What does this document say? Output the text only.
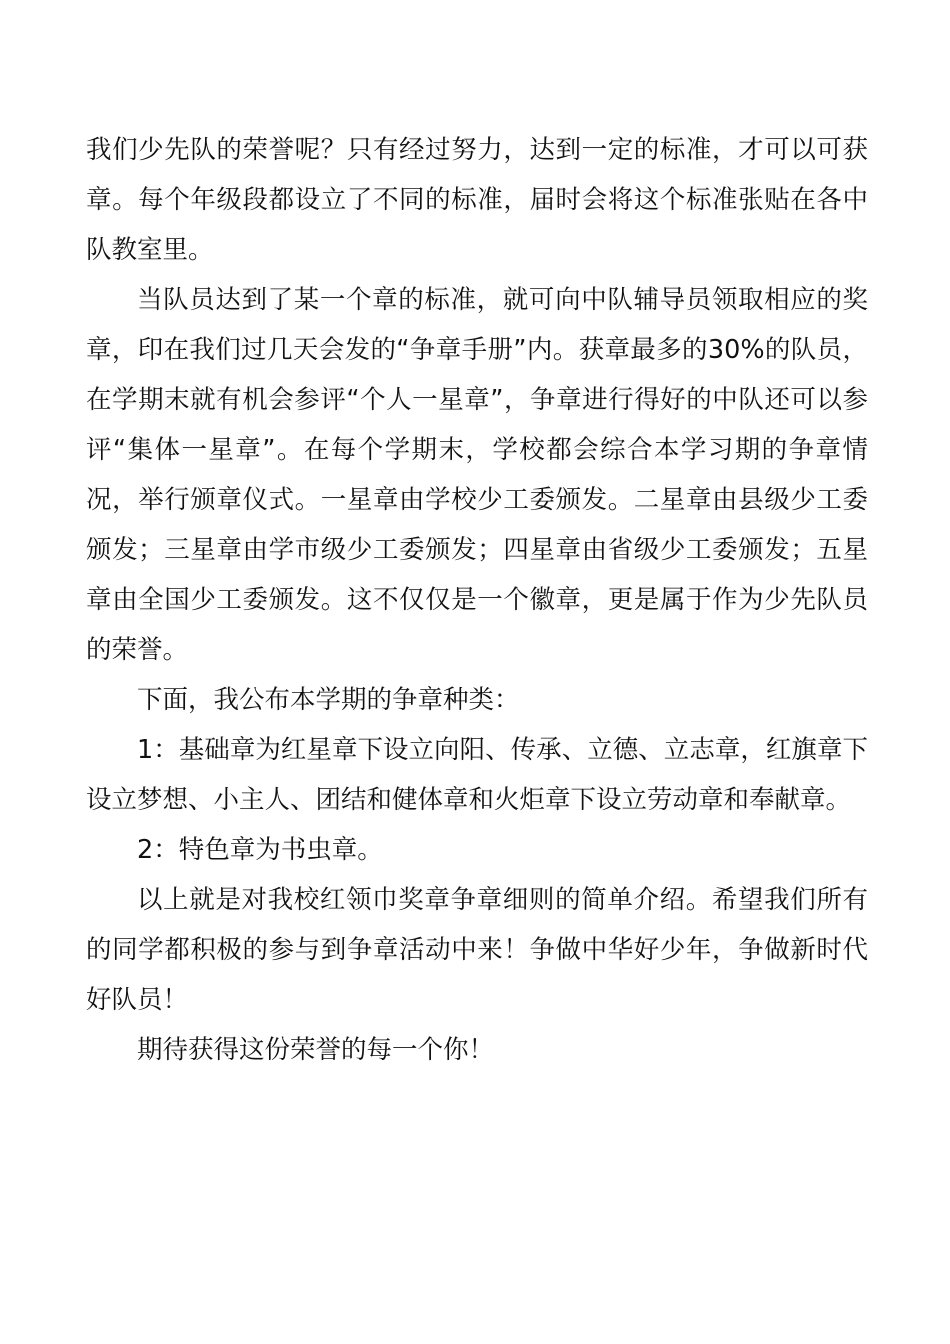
我们少先队的荣誉呢？只有经过努力，达到一定的标准，才可以可获章。每个年级段都设立了不同的标准，届时会将这个标准张贴在各中队教室里。

当队员达到了某一个章的标准，就可向中队辅导员领取相应的奖章，印在我们过几天会发的“争章手册”内。获章最多的30%的队员，在学期末就有机会参评“个人一星章”，争章进行得好的中队还可以参评“集体一星章”。在每个学期末，学校都会综合本学习期的争章情况，举行颁章仪式。一星章由学校少工委颁发。二星章由县级少工委颁发；三星章由学市级少工委颁发；四星章由省级少工委颁发；五星章由全国少工委颁发。这不仅仅是一个徽章，更是属于作为少先队员的荣誉。

下面，我公布本学期的争章种类：

1：基础章为红星章下设立向阳、传承、立德、立志章，红旗章下设立梦想、小主人、团结和健体章和火炬章下设立劳动章和奉献章。

2：特色章为书虫章。

以上就是对我校红领巾奖章争章细则的简单介绍。希望我们所有的同学都积极的参与到争章活动中来！争做中华好少年，争做新时代好队员！

期待获得这份荣誉的每一个你！
